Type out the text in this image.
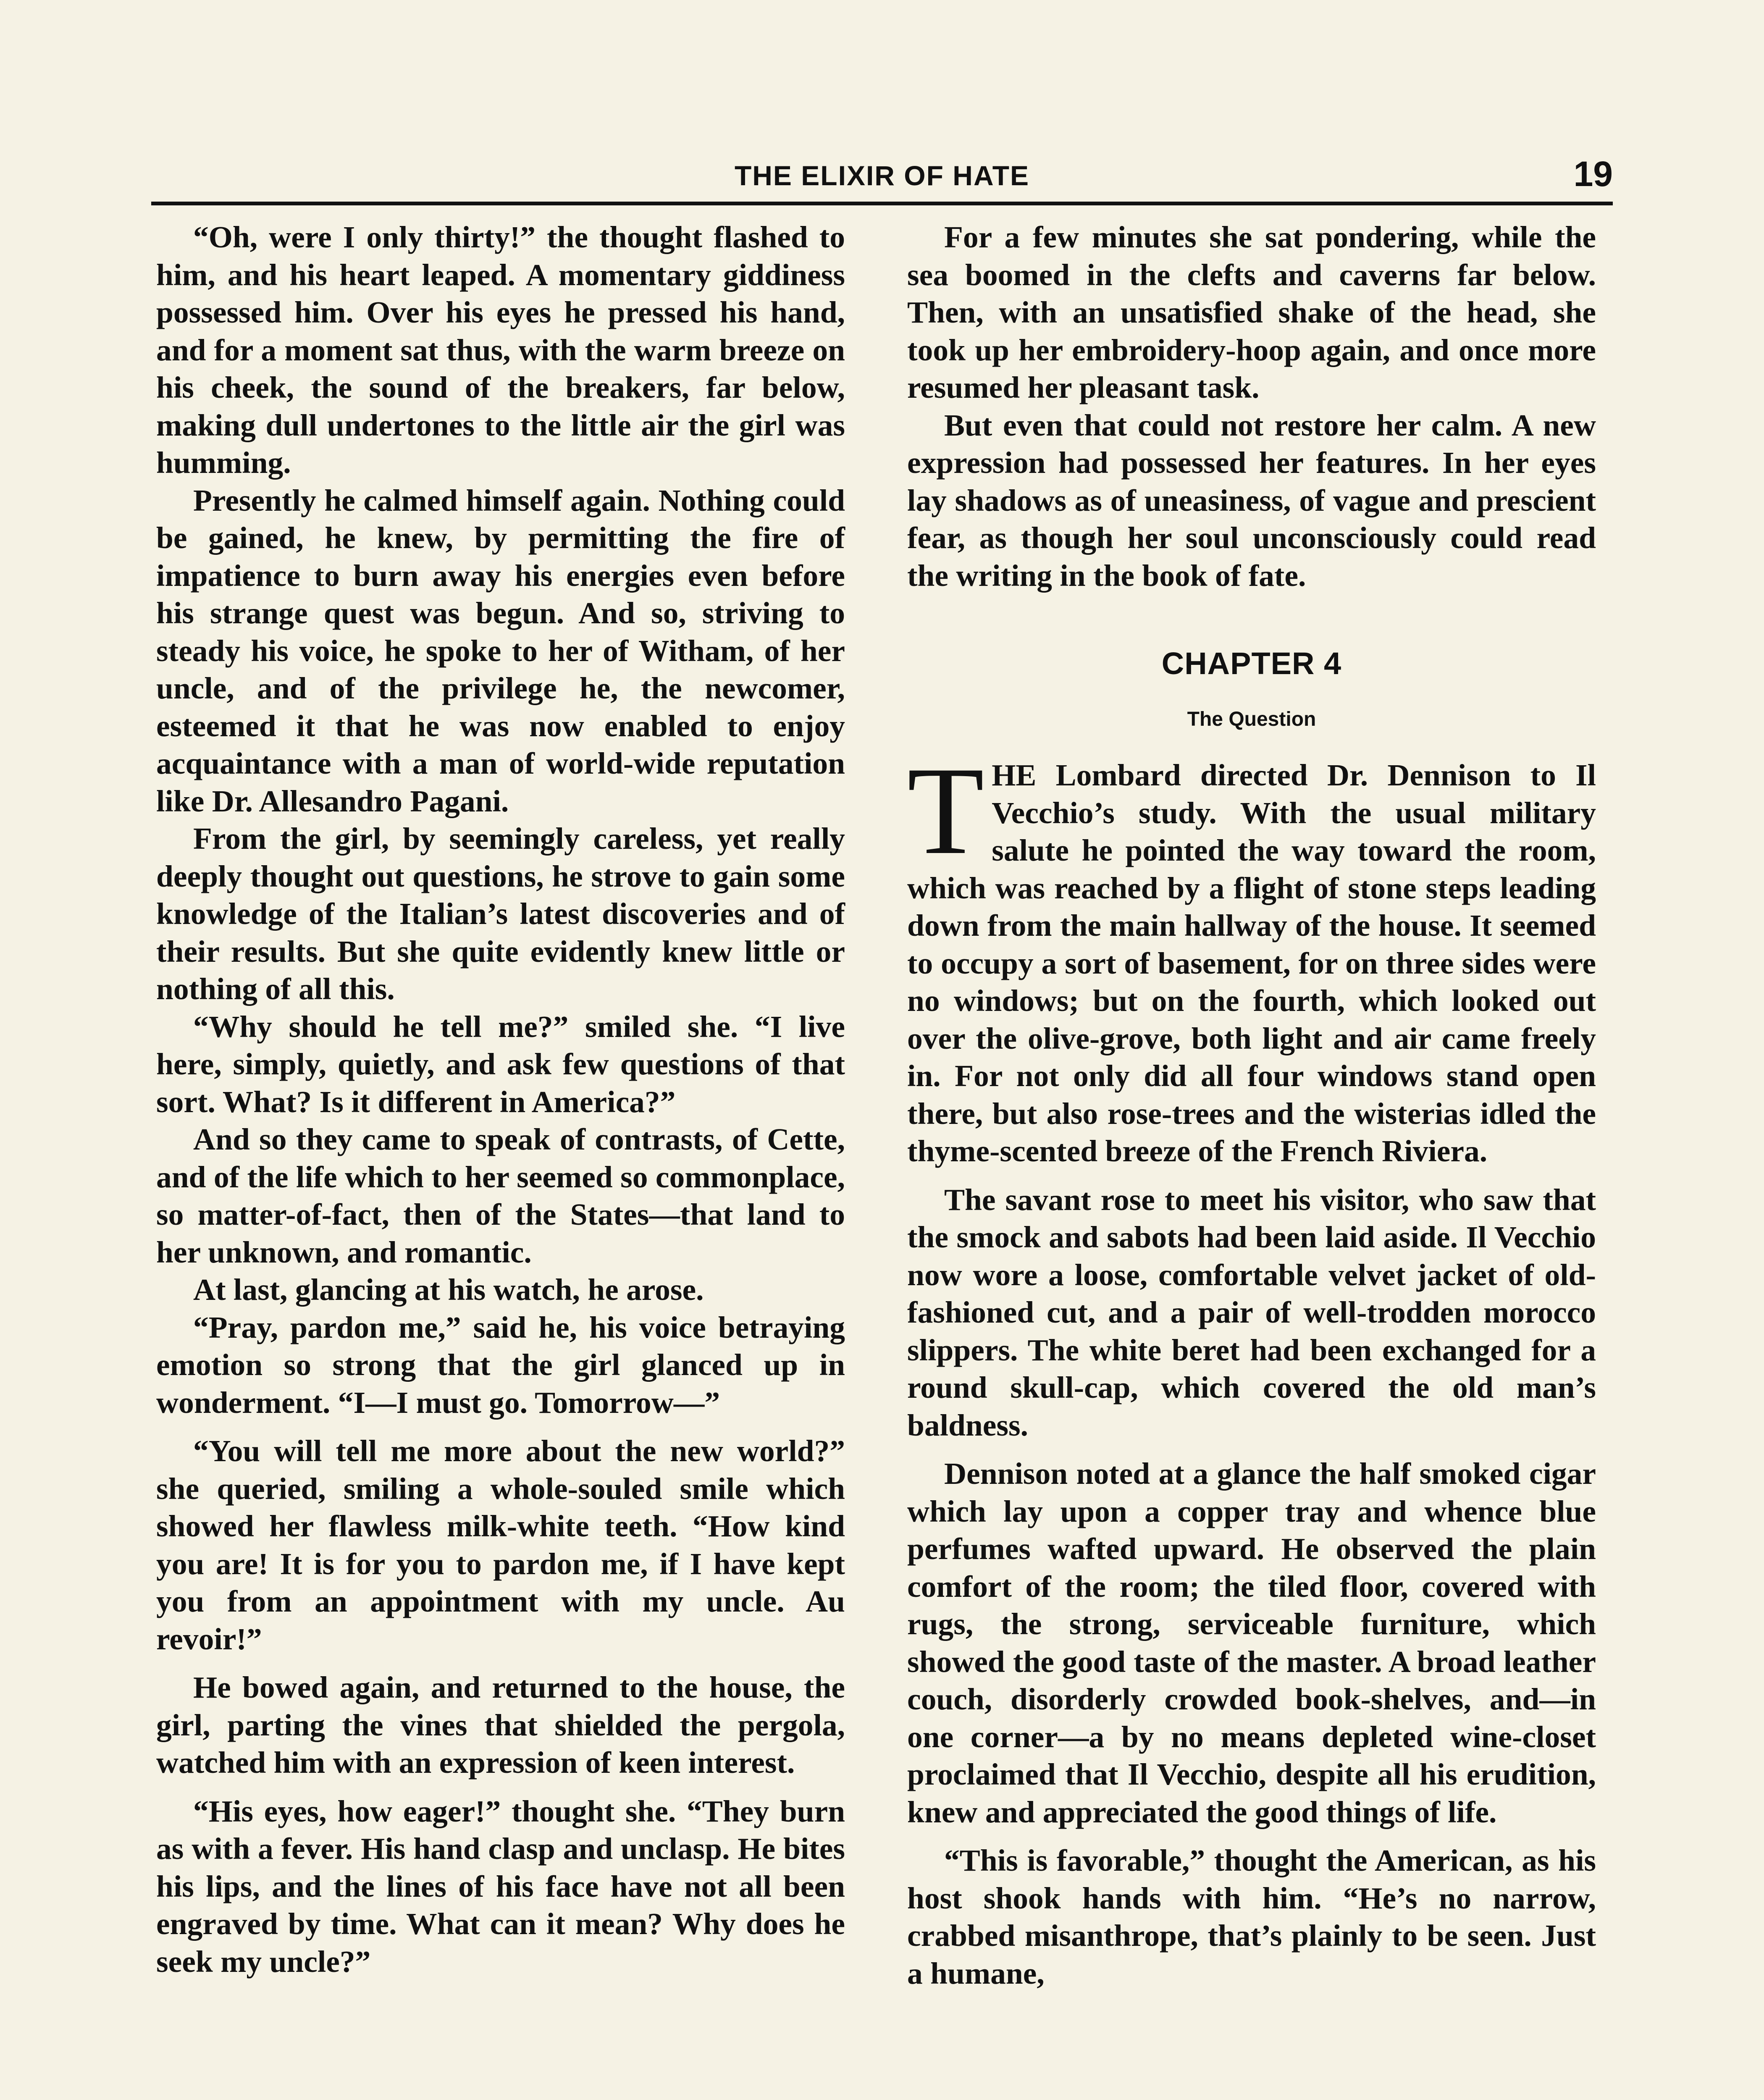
THE ELIXIR OF HATE	19

“Oh, were I only thirty!” the thought flashed to him, and his heart leaped. A momentary giddiness possessed him. Over his eyes he pressed his hand, and for a moment sat thus, with the warm breeze on his cheek, the sound of the breakers, far below, making dull undertones to the little air the girl was humming.

Presently he calmed himself again. Nothing could be gained, he knew, by permitting the fire of impatience to burn away his energies even before his strange quest was begun. And so, striving to steady his voice, he spoke to her of Witham, of her uncle, and of the privilege he, the newcomer, esteemed it that he was now enabled to enjoy acquaintance with a man of world-wide reputation like Dr. Allesandro Pagani.

From the girl, by seemingly careless, yet really deeply thought out questions, he strove to gain some knowledge of the Italian’s latest discoveries and of their results. But she quite evidently knew little or nothing of all this.

“Why should he tell me?” smiled she. “I live here, simply, quietly, and ask few questions of that sort. What? Is it different in America?”

And so they came to speak of contrasts, of Cette, and of the life which to her seemed so commonplace, so matter-of-fact, then of the States—that land to her unknown, and romantic.

At last, glancing at his watch, he arose.

“Pray, pardon me,” said he, his voice betraying emotion so strong that the girl glanced up in wonderment. “I—I must go. Tomorrow—”

“You will tell me more about the new world?” she queried, smiling a whole-souled smile which showed her flawless milk-white teeth. “How kind you are! It is for you to pardon me, if I have kept you from an appointment with my uncle. Au revoir!”

He bowed again, and returned to the house, the girl, parting the vines that shielded the pergola, watched him with an expression of keen interest.

“His eyes, how eager!” thought she. “They burn as with a fever. His hand clasp and unclasp. He bites his lips, and the lines of his face have not all been engraved by time. What can it mean? Why does he seek my uncle?”

For a few minutes she sat pondering, while the sea boomed in the clefts and caverns far below. Then, with an unsatisfied shake of the head, she took up her embroidery-hoop again, and once more resumed her pleasant task.

But even that could not restore her calm. A new expression had possessed her features. In her eyes lay shadows as of uneasiness, of vague and prescient fear, as though her soul unconsciously could read the writing in the book of fate.

CHAPTER 4
The Question

THE Lombard directed Dr. Dennison to Il Vecchio’s study. With the usual military salute he pointed the way toward the room, which was reached by a flight of stone steps leading down from the main hallway of the house. It seemed to occupy a sort of basement, for on three sides were no windows; but on the fourth, which looked out over the olive-grove, both light and air came freely in. For not only did all four windows stand open there, but also rose-trees and the wisterias idled the thyme-scented breeze of the French Riviera.

The savant rose to meet his visitor, who saw that the smock and sabots had been laid aside. Il Vecchio now wore a loose, comfortable velvet jacket of old-fashioned cut, and a pair of well-trodden morocco slippers. The white beret had been exchanged for a round skull-cap, which covered the old man’s baldness.

Dennison noted at a glance the half smoked cigar which lay upon a copper tray and whence blue perfumes wafted upward. He observed the plain comfort of the room; the tiled floor, covered with rugs, the strong, serviceable furniture, which showed the good taste of the master. A broad leather couch, disorderly crowded book-shelves, and—in one corner—a by no means depleted wine-closet proclaimed that Il Vecchio, despite all his erudition, knew and appreciated the good things of life.

“This is favorable,” thought the American, as his host shook hands with him. “He’s no narrow, crabbed misanthrope, that’s plainly to be seen. Just a humane,
